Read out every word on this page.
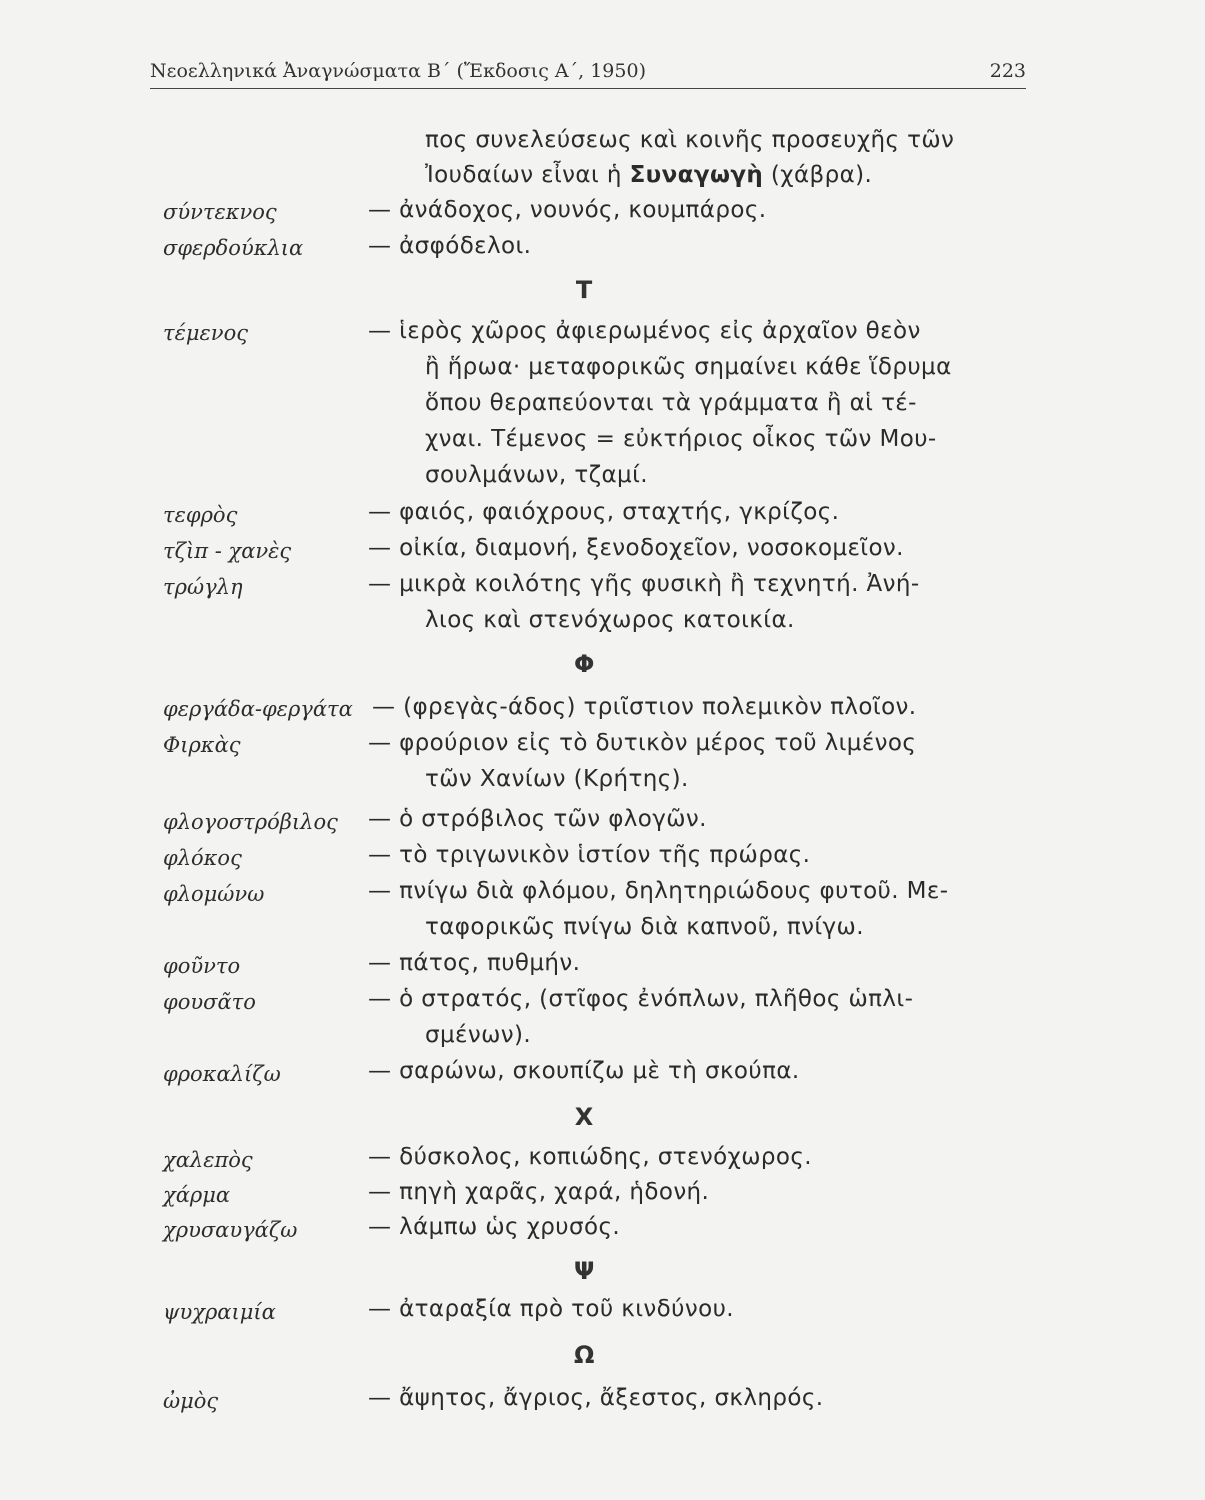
Νεοελληνικά Ἀναγνώσματα Β΄ (Ἔκδοσις Α΄, 1950)	223
πος συνελεύσεως καὶ κοινῆς προσευχῆς τῶν
Ἰουδαίων εἶναι ἡ Συναγωγὴ (χάβρα).
σύντεκνος	— ἀνάδοχος, νουνός, κουμπάρος.
σφερδούκλια	— ἀσφόδελοι.
Τ
τέμενος	— ἱερὸς χῶρος ἀφιερωμένος εἰς ἀρχαῖον θεὸν
ἢ ἥρωα· μεταφορικῶς σημαίνει κάθε ἵδρυμα
ὅπου θεραπεύονται τὰ γράμματα ἢ αἱ τέ-
χναι. Τέμενος = εὐκτήριος οἶκος τῶν Μου-
σουλμάνων, τζαμί.
τεφρὸς	— φαιός, φαιόχρους, σταχτής, γκρίζος.
τζὶπ - χανὲς	— οἰκία, διαμονή, ξενοδοχεῖον, νοσοκομεῖον.
τρώγλη	— μικρὰ κοιλότης γῆς φυσικὴ ἢ τεχνητή. Ἀνή-
λιος καὶ στενόχωρος κατοικία.
Φ
φεργάδα-φεργάτα — (φρεγὰς-άδος) τριῖστιον πολεμικὸν πλοῖον.
Φιρκὰς	— φρούριον εἰς τὸ δυτικὸν μέρος τοῦ λιμένος
τῶν Χανίων (Κρήτης).
φλογοστρόβιλος — ὁ στρόβιλος τῶν φλογῶν.
φλόκος	— τὸ τριγωνικὸν ἱστίον τῆς πρώρας.
φλομώνω	— πνίγω διὰ φλόμου, δηλητηριώδους φυτοῦ. Με-
ταφορικῶς πνίγω διὰ καπνοῦ, πνίγω.
φοῦντο	— πάτος, πυθμήν.
φουσᾶτο	— ὁ στρατός, (στῖφος ἐνόπλων, πλῆθος ὡπλι-
σμένων).
φροκαλίζω	— σαρώνω, σκουπίζω μὲ τὴ σκούπα.
Χ
χαλεπὸς	— δύσκολος, κοπιώδης, στενόχωρος.
χάρμα	— πηγὴ χαρᾶς, χαρά, ἡδονή.
χρυσαυγάζω	— λάμπω ὡς χρυσός.
Ψ
ψυχραιμία	— ἀταραξία πρὸ τοῦ κινδύνου.
Ω
ὠμὸς	— ἄψητος, ἄγριος, ἄξεστος, σκληρός.
